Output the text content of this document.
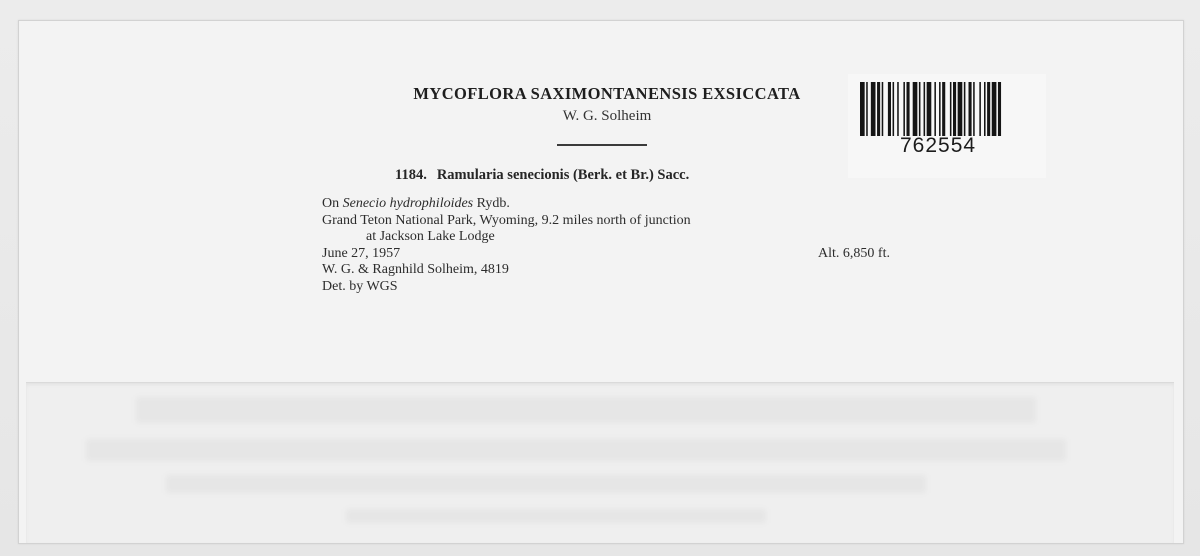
MYCOFLORA SAXIMONTANENSIS EXSICCATA
W. G. Solheim
1184. Ramularia senecionis (Berk. et Br.) Sacc.
On Senecio hydrophiloides Rydb.
Grand Teton National Park, Wyoming, 9.2 miles north of junction
at Jackson Lake Lodge
June 27, 1957	Alt. 6,850 ft.
W. G. & Ragnhild Solheim, 4819
Det. by WGS
762554
